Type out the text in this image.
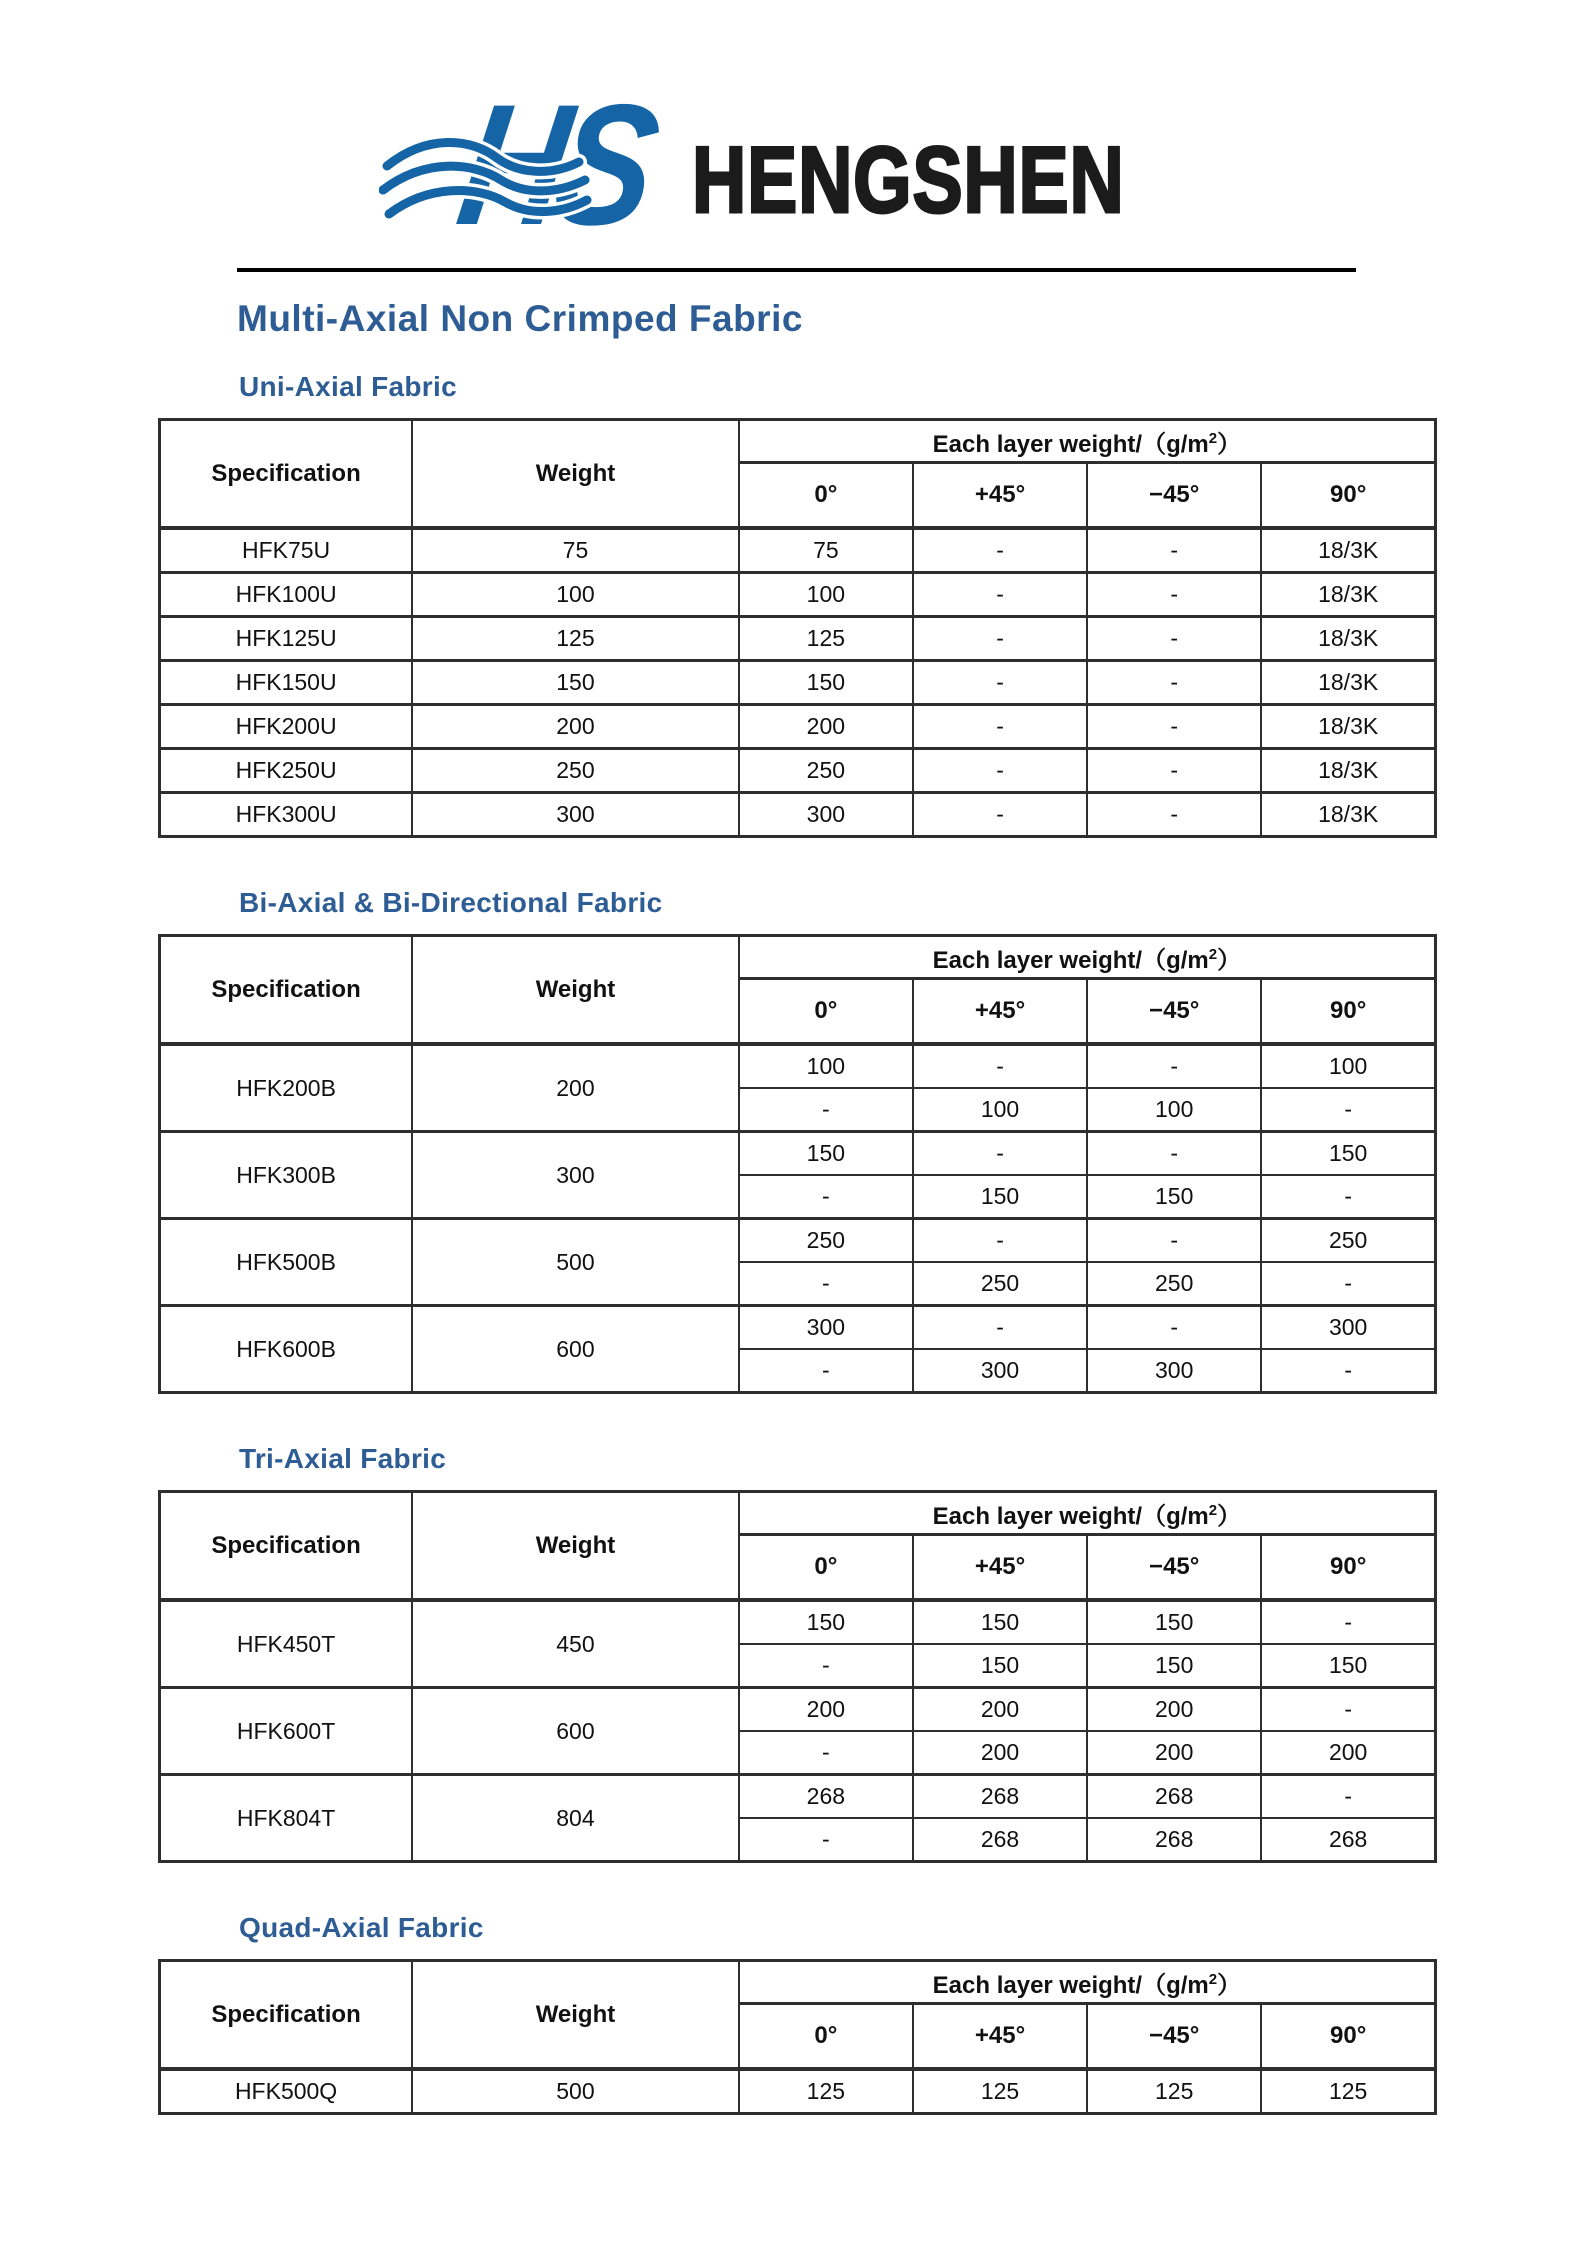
HS HENGSHEN
Multi-Axial Non Crimped Fabric
Uni-Axial Fabric
Specification	Weight	Each layer weight/$(g/m^2)$			
		0°	+45°	−45°	90°
HFK75U	75	75	-	-	18/3K
HFK100U	100	100	-	-	18/3K
HFK125U	125	125	-	-	18/3K
HFK150U	150	150	-	-	18/3K
HFK200U	200	200	-	-	18/3K
HFK250U	250	250	-	-	18/3K
HFK300U	300	300	-	-	18/3K
Bi-Axial & Bi-Directional Fabric
Specification	Weight	Each layer weight/$(g/m^2)$			
		0°	+45°	−45°	90°
HFK200B	200	100	-	-	100
		-	100	100	-
HFK300B	300	150	-	-	150
		-	150	150	-
HFK500B	500	250	-	-	250
		-	250	250	-
HFK600B	600	300	-	-	300
		-	300	300	-
Tri-Axial Fabric
Specification	Weight	Each layer weight/$(g/m^2)$			
		0°	+45°	−45°	90°
HFK450T	450	150	150	150	-
		-	150	150	150
HFK600T	600	200	200	200	-
		-	200	200	200
HFK804T	804	268	268	268	-
		-	268	268	268
Quad-Axial Fabric
Specification	Weight	Each layer weight/$(g/m^2)$			
		0°	+45°	−45°	90°
HFK500Q	500	125	125	125	125
